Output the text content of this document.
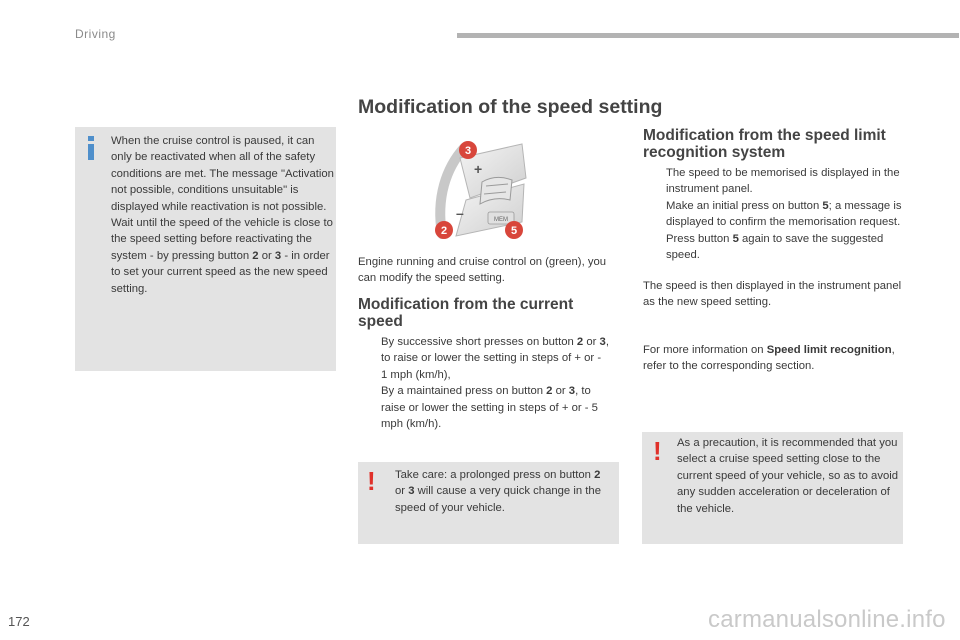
Driving
When the cruise control is paused, it can only be reactivated when all of the safety conditions are met. The message "Activation not possible, conditions unsuitable" is displayed while reactivation is not possible.
Wait until the speed of the vehicle is close to the speed setting before reactivating the system - by pressing button 2 or 3 - in order to set your current speed as the new speed setting.
Modification of the speed setting
MEM
+
–
3
2	5
Engine running and cruise control on (green), you can modify the speed setting.
Modification from the current speed
By successive short presses on button 2 or 3, to raise or lower the setting in steps of + or - 1 mph (km/h),
By a maintained press on button 2 or 3, to raise or lower the setting in steps of + or - 5 mph (km/h).
Modification from the speed limit recognition system
The speed to be memorised is displayed in the instrument panel.
Make an initial press on button 5; a message is displayed to confirm the memorisation request.
Press button 5 again to save the suggested speed.
The speed is then displayed in the instrument panel as the new speed setting.
For more information on Speed limit recognition, refer to the corresponding section.
! Take care: a prolonged press on button 2 or 3 will cause a very quick change in the speed of your vehicle.
! As a precaution, it is recommended that you select a cruise speed setting close to the current speed of your vehicle, so as to avoid any sudden acceleration or deceleration of the vehicle.
172	carmanualsonline.info
